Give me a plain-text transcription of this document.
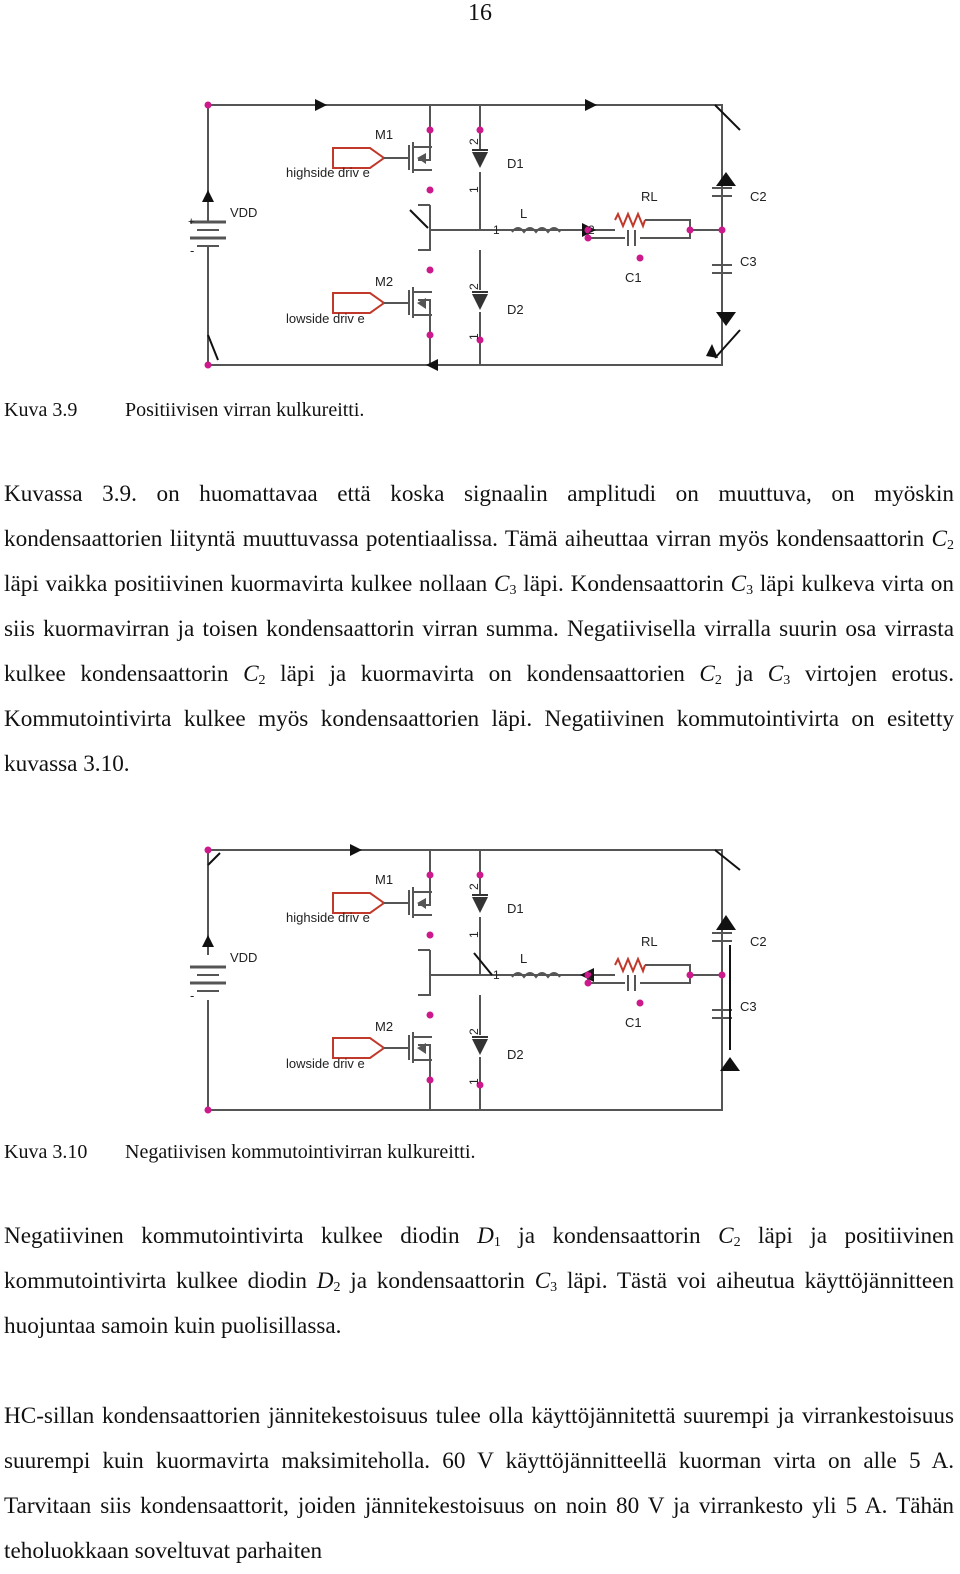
16
M1
highside driv e
VDD
+
-
M2
lowside driv e
D1
D2
L
RL
C1
C2
C3
1	2
1
2
1
2
Kuva 3.9 Positiivisen virran kulkureitti.
Kuvassa 3.9. on huomattavaa että koska signaalin amplitudi on muuttuva, on myöskin kondensaattorien liityntä muuttuvassa potentiaalissa. Tämä aiheuttaa virran myös kondensaattorin $C_2$ läpi vaikka positiivinen kuormavirta kulkee nollaan $C_3$ läpi. Kondensaattorin $C_3$ läpi kulkeva virta on siis kuormavirran ja toisen kondensaattorin virran summa. Negatiivisella virralla suurin osa virrasta kulkee kondensaattorin $C_2$ läpi ja kuormavirta on kondensaattorien $C_2$ ja $C_3$ virtojen erotus. Kommutointivirta kulkee myös kondensaattorien läpi. Negatiivinen kommutointivirta on esitetty kuvassa 3.10.
M1
highside driv e
VDD
-
M2
lowside driv e
D1
D2
L
RL
C1
C2
C3
1	2
1
2
1
2
Kuva 3.10 Negatiivisen kommutointivirran kulkureitti.
Negatiivinen kommutointivirta kulkee diodin $D_1$ ja kondensaattorin $C_2$ läpi ja positiivinen kommutointivirta kulkee diodin $D_2$ ja kondensaattorin $C_3$ läpi. Tästä voi aiheutua käyttöjännitteen huojuntaa samoin kuin puolisillassa.
HC-sillan kondensaattorien jännitekestoisuus tulee olla käyttöjännitettä suurempi ja virrankestoisuus suurempi kuin kuormavirta maksimiteholla. 60 V käyttöjännitteellä kuorman virta on alle 5 A. Tarvitaan siis kondensaattorit, joiden jännitekestoisuus on noin 80 V ja virrankesto yli 5 A. Tähän teholuokkaan soveltuvat parhaiten
